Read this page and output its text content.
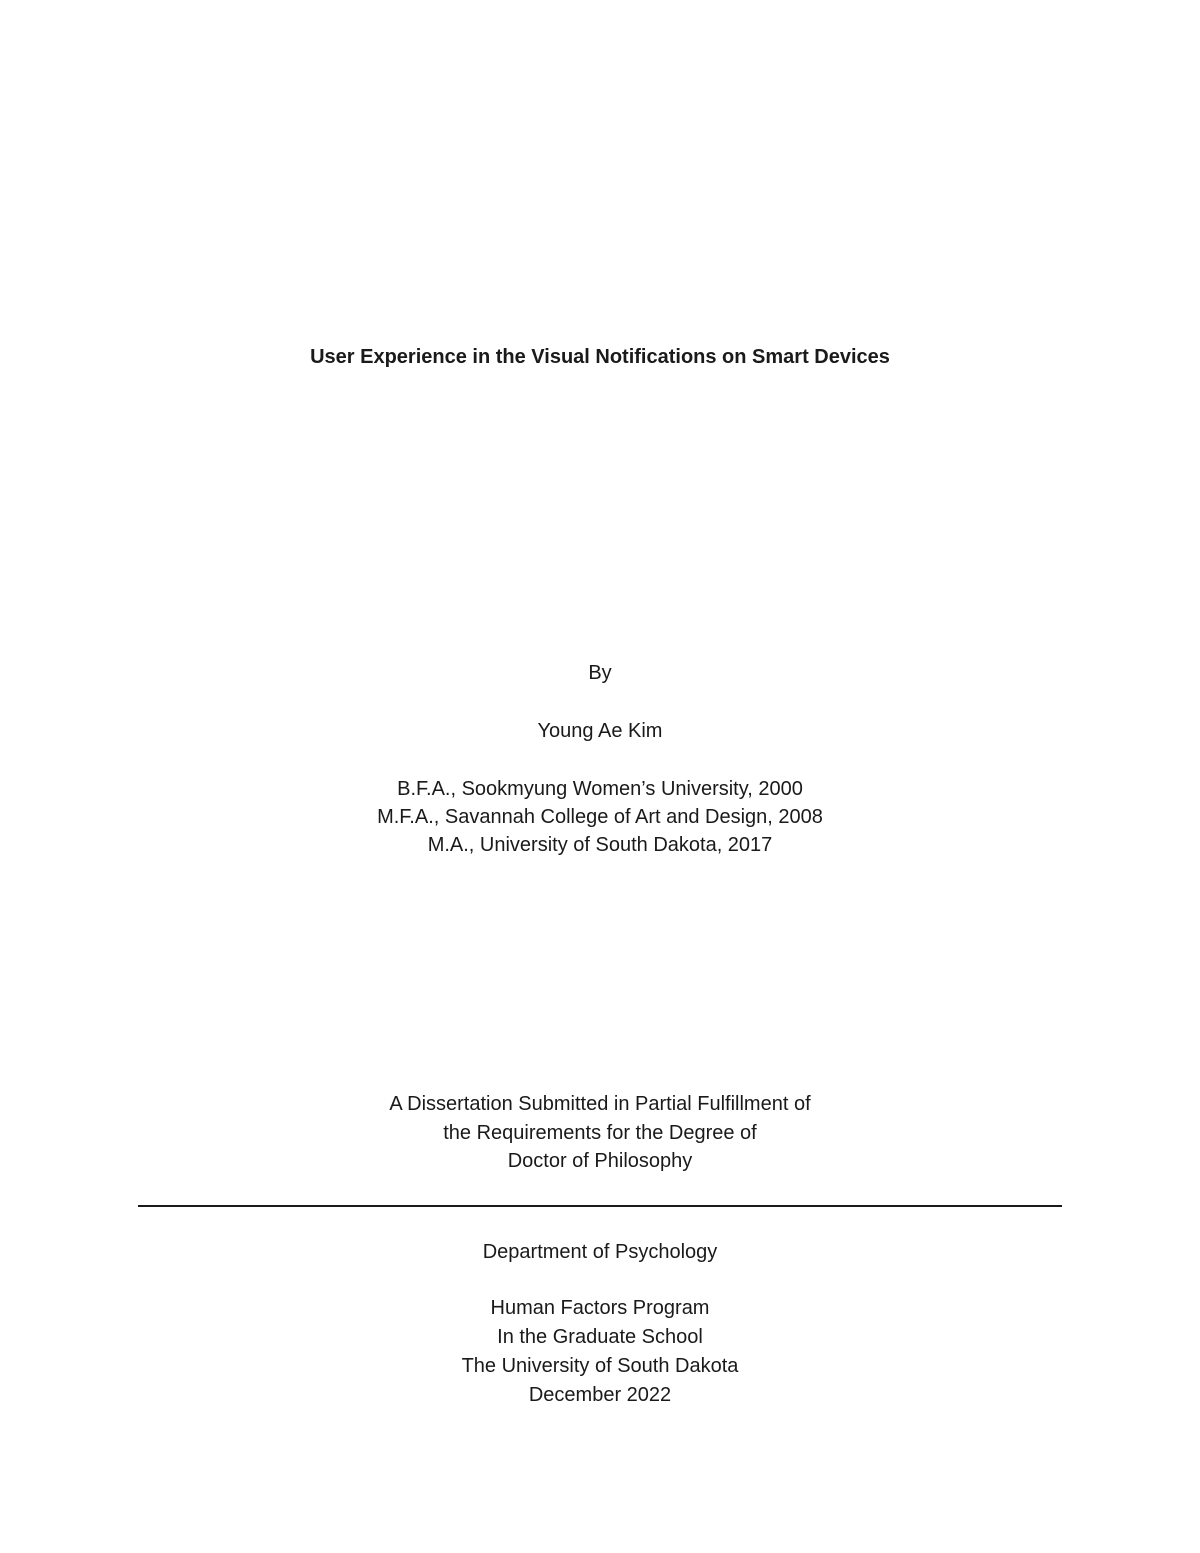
User Experience in the Visual Notifications on Smart Devices
By
Young Ae Kim
B.F.A., Sookmyung Women’s University, 2000
M.F.A., Savannah College of Art and Design, 2008
M.A., University of South Dakota, 2017
A Dissertation Submitted in Partial Fulfillment of
the Requirements for the Degree of
Doctor of Philosophy
Department of Psychology
Human Factors Program
In the Graduate School
The University of South Dakota
December 2022
